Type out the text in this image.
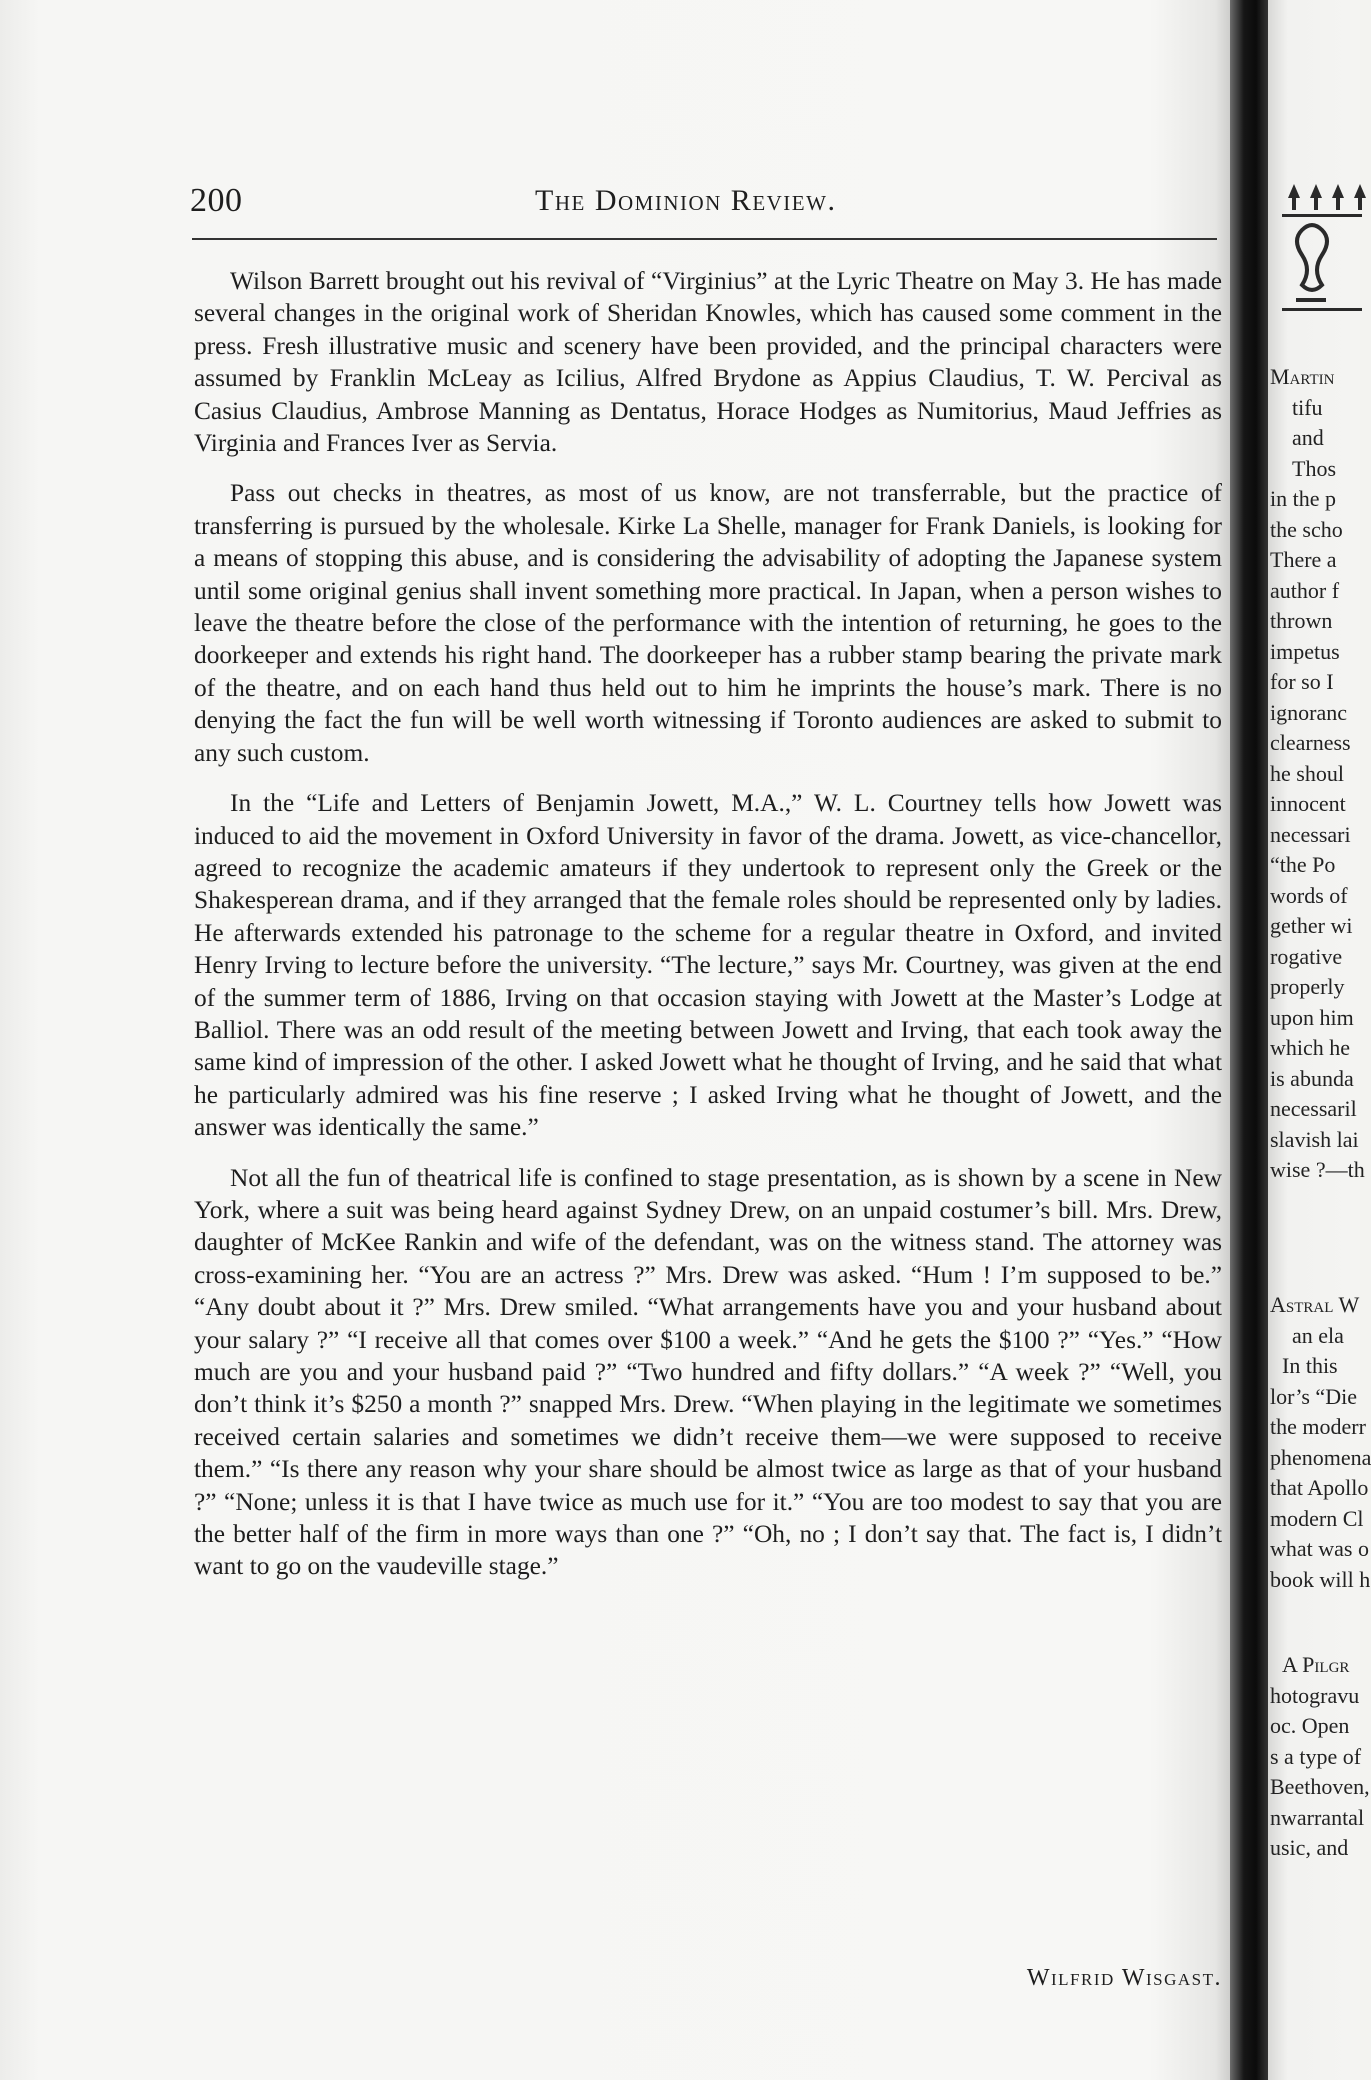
200	The Dominion Review.

Wilson Barrett brought out his revival of “Virginius” at the Lyric Theatre on May 3. He has made several changes in the original work of Sheridan Knowles, which has caused some comment in the press. Fresh illustrative music and scenery have been provided, and the principal characters were assumed by Franklin McLeay as Icilius, Alfred Brydone as Appius Claudius, T. W. Percival as Casius Claudius, Ambrose Manning as Dentatus, Horace Hodges as Numitorius, Maud Jeffries as Virginia and Frances Iver as Servia.

Pass out checks in theatres, as most of us know, are not transferrable, but the practice of transferring is pursued by the wholesale. Kirke La Shelle, manager for Frank Daniels, is looking for a means of stopping this abuse, and is considering the advisability of adopting the Japanese system until some original genius shall invent something more practical. In Japan, when a person wishes to leave the theatre before the close of the performance with the intention of returning, he goes to the doorkeeper and extends his right hand. The doorkeeper has a rubber stamp bearing the private mark of the theatre, and on each hand thus held out to him he imprints the house’s mark. There is no denying the fact the fun will be well worth witnessing if Toronto audiences are asked to submit to any such custom.

In the “Life and Letters of Benjamin Jowett, M.A.,” W. L. Courtney tells how Jowett was induced to aid the movement in Oxford University in favor of the drama. Jowett, as vice-chancellor, agreed to recognize the academic amateurs if they undertook to represent only the Greek or the Shakesperean drama, and if they arranged that the female roles should be represented only by ladies. He afterwards extended his patronage to the scheme for a regular theatre in Oxford, and invited Henry Irving to lecture before the university. “The lecture,” says Mr. Courtney, was given at the end of the summer term of 1886, Irving on that occasion staying with Jowett at the Master’s Lodge at Balliol. There was an odd result of the meeting between Jowett and Irving, that each took away the same kind of impression of the other. I asked Jowett what he thought of Irving, and he said that what he particularly admired was his fine reserve ; I asked Irving what he thought of Jowett, and the answer was identically the same.”

Not all the fun of theatrical life is confined to stage presentation, as is shown by a scene in New York, where a suit was being heard against Sydney Drew, on an unpaid costumer’s bill. Mrs. Drew, daughter of McKee Rankin and wife of the defendant, was on the witness stand. The attorney was cross-examining her. “You are an actress ?” Mrs. Drew was asked. “Hum ! I’m supposed to be.” “Any doubt about it ?” Mrs. Drew smiled. “What arrangements have you and your husband about your salary ?” “I receive all that comes over $100 a week.” “And he gets the $100 ?” “Yes.” “How much are you and your husband paid ?” “Two hundred and fifty dollars.” “A week ?” “Well, you don’t think it’s $250 a month ?” snapped Mrs. Drew. “When playing in the legitimate we sometimes received certain salaries and sometimes we didn’t receive them—we were supposed to receive them.” “Is there any reason why your share should be almost twice as large as that of your husband ?” “None; unless it is that I have twice as much use for it.” “You are too modest to say that you are the better half of the firm in more ways than one ?” “Oh, no ; I don’t say that. The fact is, I didn’t want to go on the vaudeville stage.”

Wilfrid Wisgast.
Martin
tifu
and
Thos
in the p
the scho
There a
author f
thrown
impetus
for so I
ignoranc
clearness
he shoul
innocent
necessari
“the Po
words of
gether wi
rogative
properly
upon him
which he
is abunda
necessaril
slavish lai
wise ?—th
Astral W
an ela
In this
lor’s “Die
the moderr
phenomena
that Apollo
modern Cl
what was o
book will h
A Pilgr
hotogravu
oc. Open
s a type of
Beethoven,
nwarrantal
usic, and
